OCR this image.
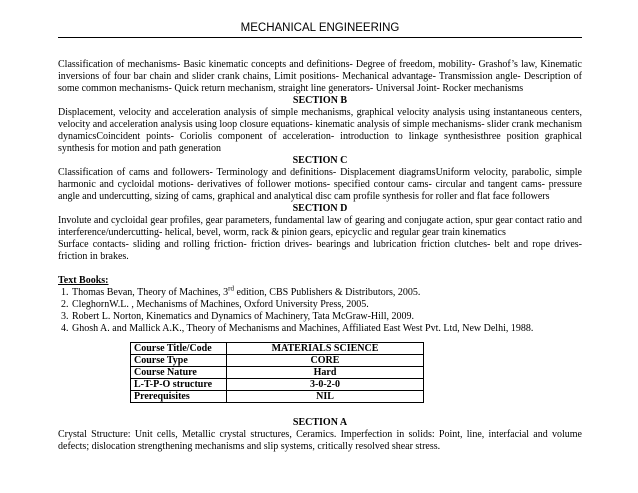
MECHANICAL ENGINEERING

Classification of mechanisms- Basic kinematic concepts and definitions- Degree of freedom, mobility- Grashof’s law, Kinematic inversions of four bar chain and slider crank chains, Limit positions- Mechanical advantage- Transmission angle- Description of some common mechanisms- Quick return mechanism, straight line generators- Universal Joint- Rocker mechanisms

SECTION B

Displacement, velocity and acceleration analysis of simple mechanisms, graphical velocity analysis using instantaneous centers, velocity and acceleration analysis using loop closure equations- kinematic analysis of simple mechanisms- slider crank mechanism dynamicsCoincident points- Coriolis component of acceleration- introduction to linkage synthesisthree position graphical synthesis for motion and path generation

SECTION C

Classification of cams and followers- Terminology and definitions- Displacement diagramsUniform velocity, parabolic, simple harmonic and cycloidal motions- derivatives of follower motions- specified contour cams- circular and tangent cams- pressure angle and undercutting, sizing of cams, graphical and analytical disc cam profile synthesis for roller and flat face followers

SECTION D

Involute and cycloidal gear profiles, gear parameters, fundamental law of gearing and conjugate action, spur gear contact ratio and interference/undercutting- helical, bevel, worm, rack & pinion gears, epicyclic and regular gear train kinematics

Surface contacts- sliding and rolling friction- friction drives- bearings and lubrication friction clutches- belt and rope drives- friction in brakes.

Text Books:

1. Thomas Bevan, Theory of Machines, 3rd edition, CBS Publishers & Distributors, 2005.
2. CleghornW.L. , Mechanisms of Machines, Oxford University Press, 2005.
3. Robert L. Norton, Kinematics and Dynamics of Machinery, Tata McGraw-Hill, 2009.
4. Ghosh A. and Mallick A.K., Theory of Mechanisms and Machines, Affiliated East West Pvt. Ltd, New Delhi, 1988.
Course Title/Code	MATERIALS SCIENCE
Course Type	CORE
Course Nature	Hard
L-T-P-O structure	3-0-2-0
Prerequisites	NIL

SECTION A

Crystal Structure: Unit cells, Metallic crystal structures, Ceramics. Imperfection in solids: Point, line, interfacial and volume defects; dislocation strengthening mechanisms and slip systems, critically resolved shear stress.
